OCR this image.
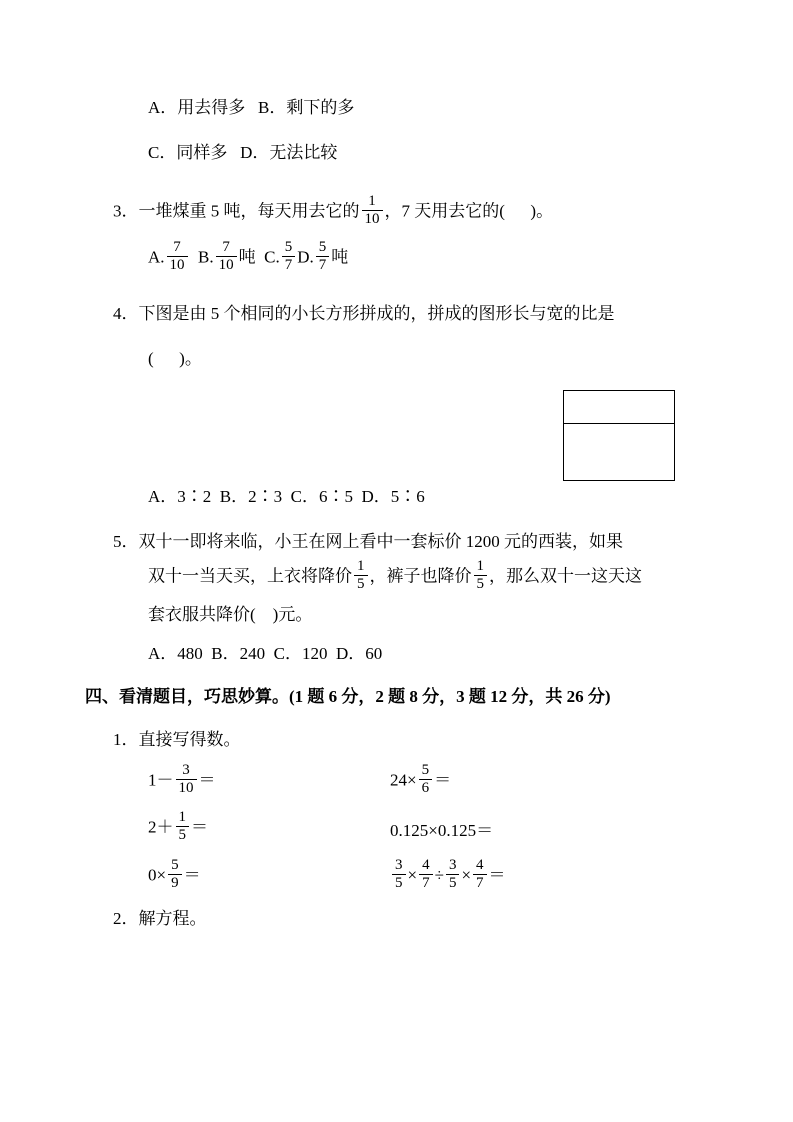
A．用去得多 B．剩下的多
C．同样多 D．无法比较
3．一堆煤重 5 吨，每天用去它的 $\frac{1}{10}$ ，7 天用去它的(      )。
A. $\frac{7}{10} B$. $\frac{7}{10}$ 吨  C. $\frac{5}{7} D$. $\frac{5}{7}$ 吨
4．下图是由 5 个相同的小长方形拼成的，拼成的图形长与宽的比是
(      )。
A．3∶2  B．2∶3  C．6∶5  D．5∶6
5．双十一即将来临，小王在网上看中一套标价 1200 元的西装，如果
双十一当天买，上衣将降价 $\frac{1}{5}$ ，裤子也降价 $\frac{1}{5}$ ，那么双十一这天这
套衣服共降价(    )元。
A．480  B．240  C．120  D．60
四、看清题目，巧思妙算。(1 题 6 分，2 题 8 分，3 题 12 分，共 26 分)
1．直接写得数。
$1- \frac{3}{10}$ ＝	$24\times \frac{5}{6}$ ＝
$2+ \frac{1}{5}$ ＝	0.125×0.125＝
$0\times \frac{5}{9}$ ＝	$\frac{3}{5} \times \frac{4}{7} \div \frac{3}{5} \times \frac{4}{7}$ ＝
2．解方程。
